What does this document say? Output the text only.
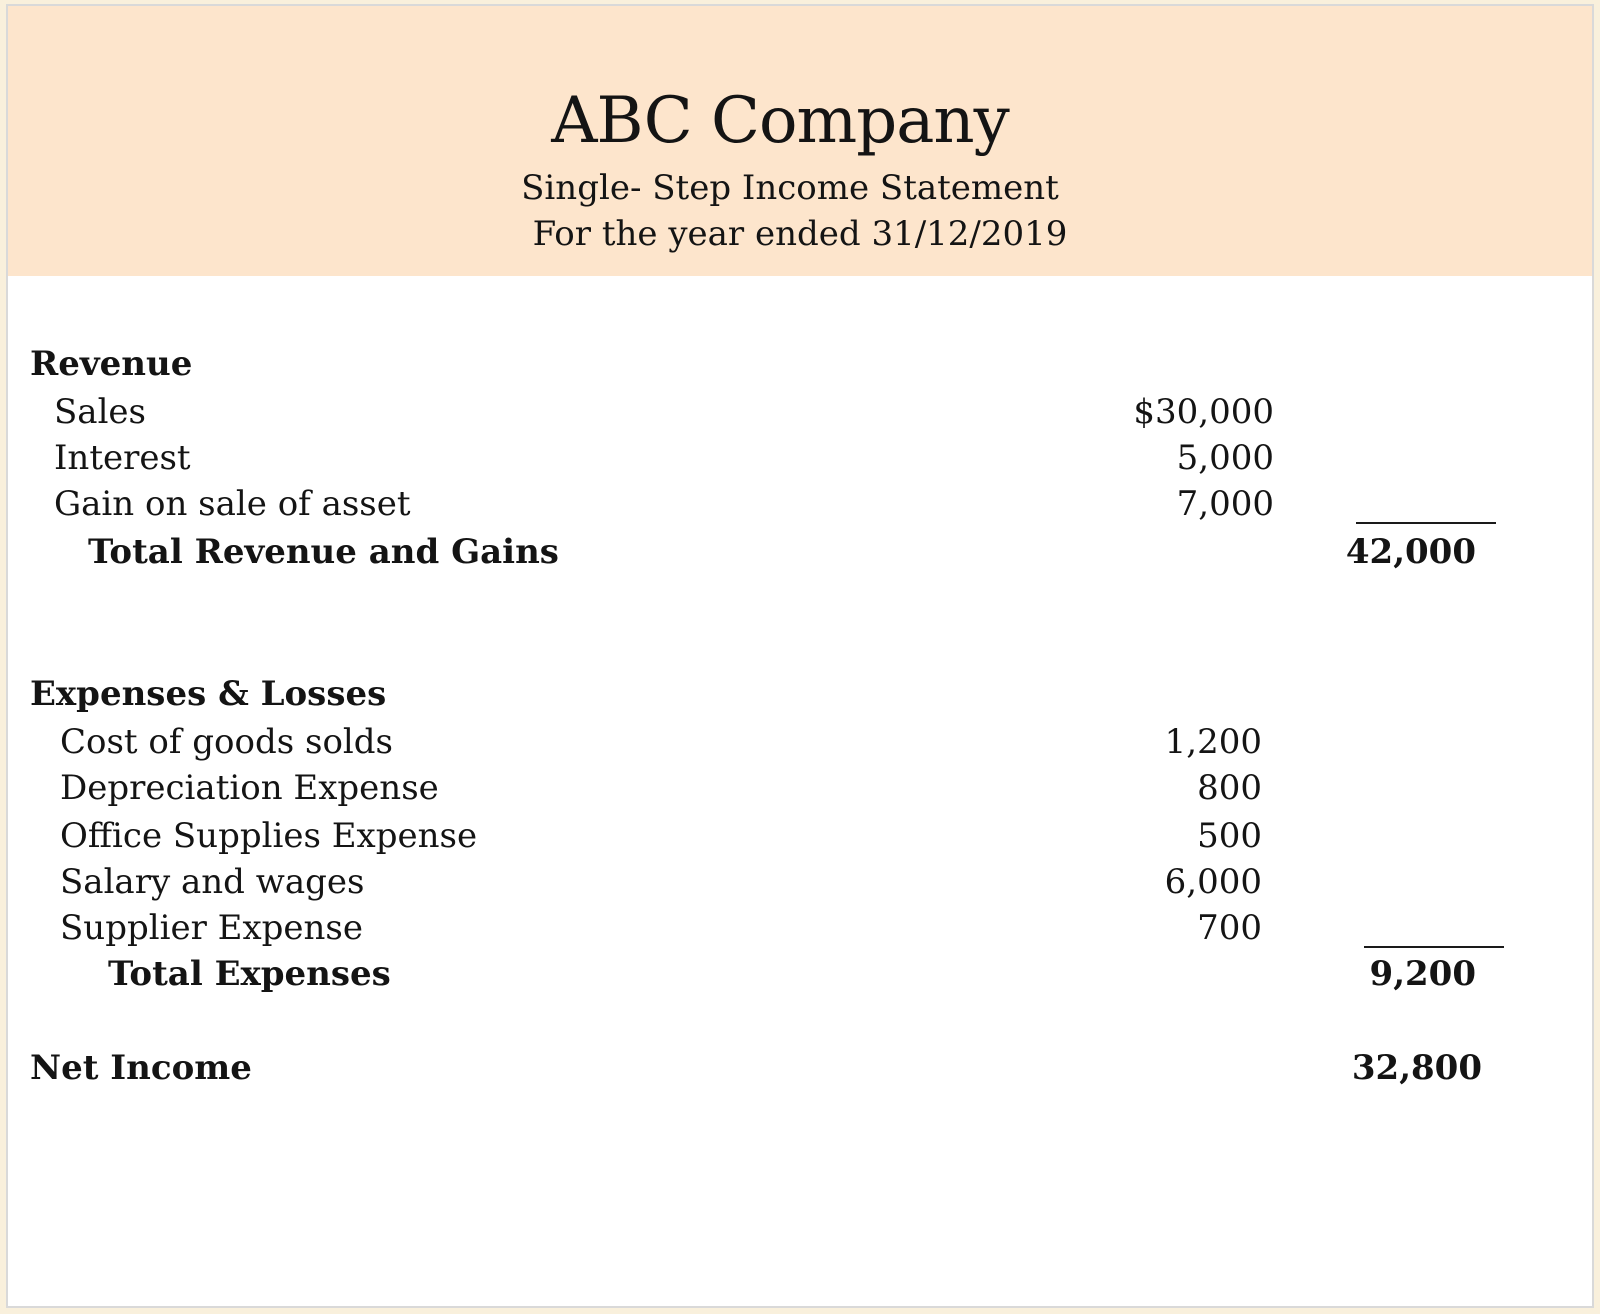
ABC Company
Single- Step Income Statement
For the year ended 31/12/2019
Revenue
Sales	$30,000
Interest	5,000
Gain on sale of asset	7,000
Total Revenue and Gains	42,000
Expenses & Losses
Cost of goods solds	1,200
Depreciation Expense	800
Office Supplies Expense	500
Salary and wages	6,000
Supplier Expense	700
Total Expenses	9,200
Net Income	32,800
